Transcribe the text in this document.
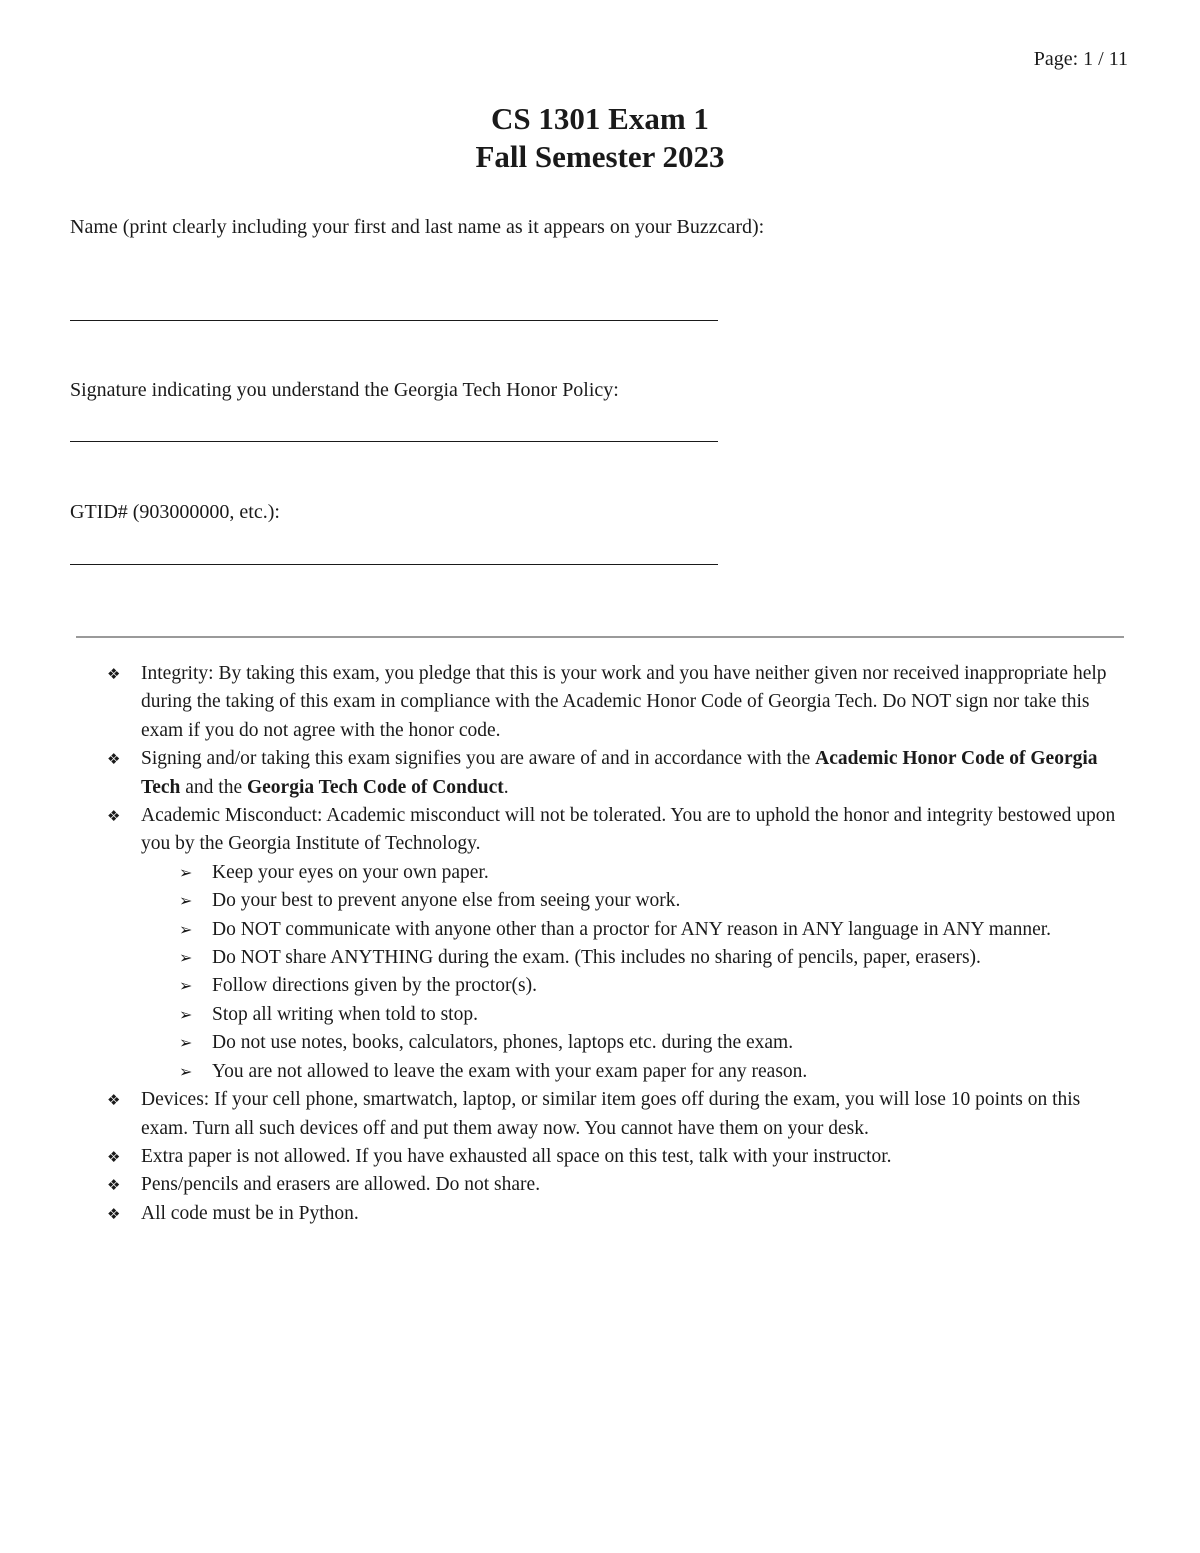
Page: 1 / 11
CS 1301 Exam 1
Fall Semester 2023
Name (print clearly including your first and last name as it appears on your Buzzcard):
Signature indicating you understand the Georgia Tech Honor Policy:
GTID# (903000000, etc.):
❖ Integrity: By taking this exam, you pledge that this is your work and you have neither given nor received inappropriate help during the taking of this exam in compliance with the Academic Honor Code of Georgia Tech. Do NOT sign nor take this exam if you do not agree with the honor code.
❖ Signing and/or taking this exam signifies you are aware of and in accordance with the Academic Honor Code of Georgia Tech and the Georgia Tech Code of Conduct.
❖ Academic Misconduct: Academic misconduct will not be tolerated. You are to uphold the honor and integrity bestowed upon you by the Georgia Institute of Technology.
➢ Keep your eyes on your own paper.
➢ Do your best to prevent anyone else from seeing your work.
➢ Do NOT communicate with anyone other than a proctor for ANY reason in ANY language in ANY manner.
➢ Do NOT share ANYTHING during the exam. (This includes no sharing of pencils, paper, erasers).
➢ Follow directions given by the proctor(s).
➢ Stop all writing when told to stop.
➢ Do not use notes, books, calculators, phones, laptops etc. during the exam.
➢ You are not allowed to leave the exam with your exam paper for any reason.
❖ Devices: If your cell phone, smartwatch, laptop, or similar item goes off during the exam, you will lose 10 points on this exam. Turn all such devices off and put them away now. You cannot have them on your desk.
❖ Extra paper is not allowed. If you have exhausted all space on this test, talk with your instructor.
❖ Pens/pencils and erasers are allowed. Do not share.
❖ All code must be in Python.
